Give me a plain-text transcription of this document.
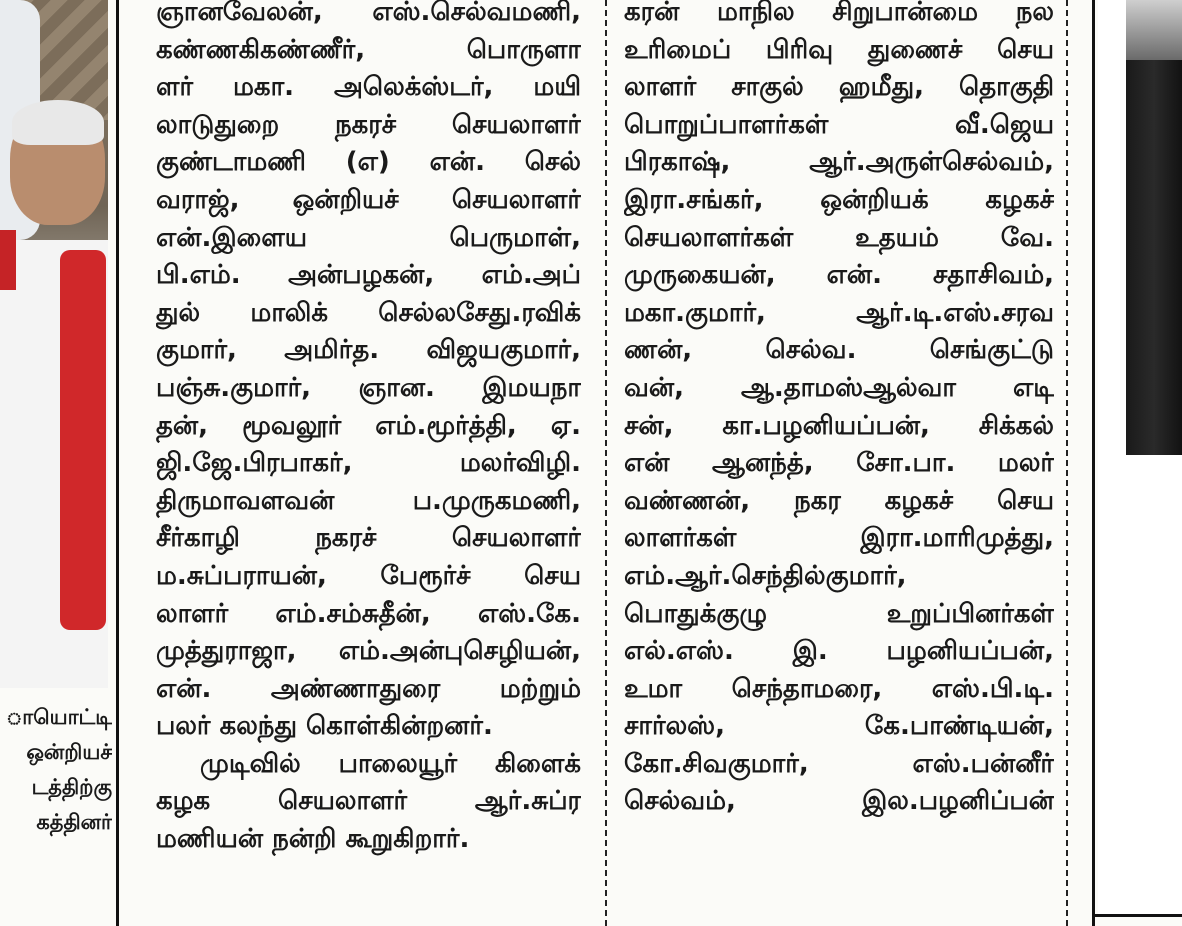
ாயொட்டி
ஒன்றியச்
டத்திற்கு
கத்தினர்
ஞானவேலன், எஸ்.செல்வமணி,
கண்ணகிகண்ணீர், பொருளா
ளர் மகா. அலெக்ஸ்டர், மயி
லாடுதுறை நகரச் செயலாளர்
குண்டாமணி (எ) என். செல்
வராஜ், ஒன்றியச் செயலாளர்
என்.இளைய பெருமாள்,
பி.எம். அன்பழகன், எம்.அப்
துல் மாலிக் செல்லசேது.ரவிக்
குமார், அமிர்த. விஜயகுமார்,
பஞ்சு.குமார், ஞான. இமயநா
தன், மூவலூர் எம்.மூர்த்தி, ஏ.
ஜி.ஜே.பிரபாகர், மலர்விழி.
திருமாவளவன் ப.முருகமணி,
சீர்காழி நகரச் செயலாளர்
ம.சுப்பராயன், பேரூர்ச் செய
லாளர் எம்.சம்சுதீன், எஸ்.கே.
முத்துராஜா, எம்.அன்புசெழியன்,
என். அண்ணாதுரை மற்றும்
பலர் கலந்து கொள்கின்றனர்.
முடிவில் பாலையூர் கிளைக்
கழக செயலாளர் ஆர்.சுப்ர
மணியன் நன்றி கூறுகிறார்.
கரன் மாநில சிறுபான்மை நல
உரிமைப் பிரிவு துணைச் செய
லாளர் சாகுல் ஹமீது, தொகுதி
பொறுப்பாளர்கள் வீ.ஜெய
பிரகாஷ், ஆர்.அருள்செல்வம்,
இரா.சங்கர், ஒன்றியக் கழகச்
செயலாளர்கள் உதயம் வே.
முருகையன், என். சதாசிவம்,
மகா.குமார், ஆர்.டி.எஸ்.சரவ
ணன், செல்வ. செங்குட்டு
வன், ஆ.தாமஸ்ஆல்வா எடி
சன், கா.பழனியப்பன், சிக்கல்
என் ஆனந்த், சோ.பா. மலர்
வண்ணன், நகர கழகச் செய
லாளர்கள் இரா.மாரிமுத்து,
எம்.ஆர்.செந்தில்குமார்,
பொதுக்குழு உறுப்பினர்கள்
எல்.எஸ். இ. பழனியப்பன்,
உமா செந்தாமரை, எஸ்.பி.டி.
சார்லஸ், கே.பாண்டியன்,
கோ.சிவகுமார், எஸ்.பன்னீர்
செல்வம், இல.பழனிப்பன்
